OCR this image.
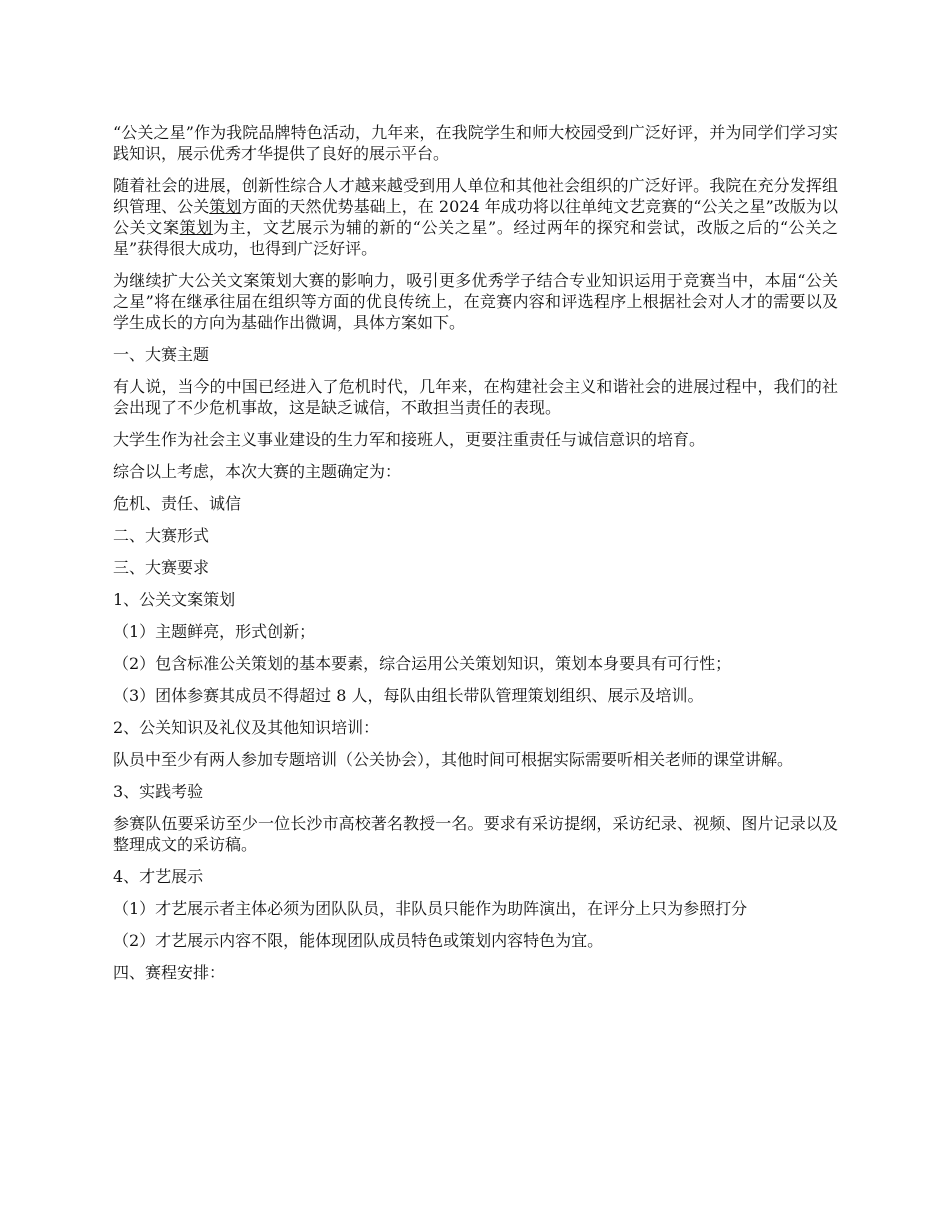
“公关之星”作为我院品牌特色活动，九年来，在我院学生和师大校园受到广泛好评，并为同学们学习实践知识，展示优秀才华提供了良好的展示平台。

随着社会的进展，创新性综合人才越来越受到用人单位和其他社会组织的广泛好评。我院在充分发挥组织管理、公关策划方面的天然优势基础上，在 2024 年成功将以往单纯文艺竞赛的“公关之星”改版为以公关文案策划为主，文艺展示为辅的新的“公关之星”。经过两年的探究和尝试，改版之后的“公关之星”获得很大成功，也得到广泛好评。

为继续扩大公关文案策划大赛的影响力，吸引更多优秀学子结合专业知识运用于竞赛当中，本届“公关之星”将在继承往届在组织等方面的优良传统上，在竞赛内容和评选程序上根据社会对人才的需要以及学生成长的方向为基础作出微调，具体方案如下。

一、大赛主题

有人说，当今的中国已经进入了危机时代，几年来，在构建社会主义和谐社会的进展过程中，我们的社会出现了不少危机事故，这是缺乏诚信，不敢担当责任的表现。

大学生作为社会主义事业建设的生力军和接班人，更要注重责任与诚信意识的培育。

综合以上考虑，本次大赛的主题确定为：

危机、责任、诚信

二、大赛形式

三、大赛要求

1、公关文案策划

（1）主题鲜亮，形式创新；

（2）包含标准公关策划的基本要素，综合运用公关策划知识，策划本身要具有可行性；

（3）团体参赛其成员不得超过 8 人，每队由组长带队管理策划组织、展示及培训。

2、公关知识及礼仪及其他知识培训：

队员中至少有两人参加专题培训（公关协会），其他时间可根据实际需要听相关老师的课堂讲解。

3、实践考验

参赛队伍要采访至少一位长沙市高校著名教授一名。要求有采访提纲，采访纪录、视频、图片记录以及整理成文的采访稿。

4、才艺展示

（1）才艺展示者主体必须为团队队员，非队员只能作为助阵演出，在评分上只为参照打分

（2）才艺展示内容不限，能体现团队成员特色或策划内容特色为宜。

四、赛程安排：
